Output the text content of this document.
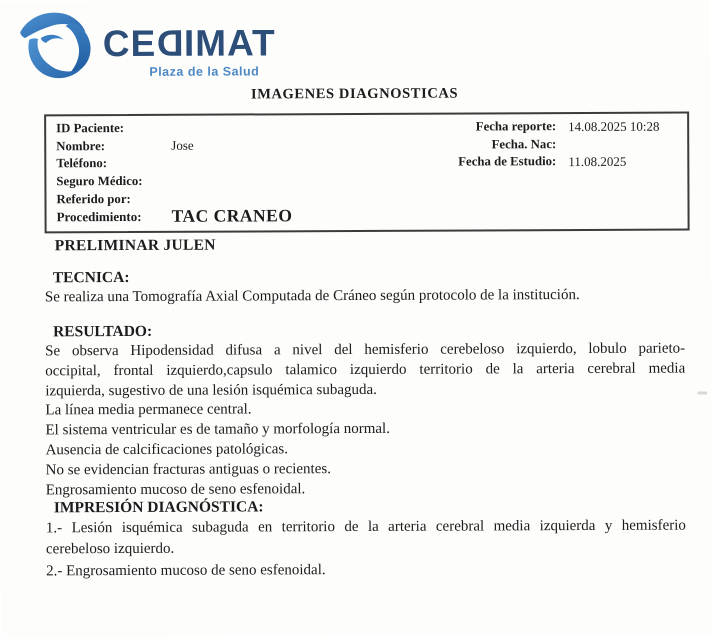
CEDIMAT
Plaza de la Salud
IMAGENES DIAGNOSTICAS
ID Paciente:
Nombre:	Jose
Teléfono:
Seguro Médico:
Referido por:
Procedimiento:	TAC CRANEO
Fecha reporte: 14.08.2025 10:28
Fecha. Nac:
Fecha de Estudio: 11.08.2025
PRELIMINAR JULEN
TECNICA:
Se realiza una Tomografía Axial Computada de Cráneo según protocolo de la institución.
RESULTADO:
Se observa Hipodensidad difusa a nivel del hemisferio cerebeloso izquierdo, lobulo parieto-
occipital, frontal izquierdo,capsulo talamico izquierdo territorio de la arteria cerebral media
izquierda, sugestivo de una lesión isquémica subaguda.
La línea media permanece central.
El sistema ventricular es de tamaño y morfología normal.
Ausencia de calcificaciones patológicas.
No se evidencian fracturas antiguas o recientes.
Engrosamiento mucoso de seno esfenoidal.
IMPRESIÓN DIAGNÓSTICA:
1.- Lesión isquémica subaguda en territorio de la arteria cerebral media izquierda y hemisferio
cerebeloso izquierdo.
2.- Engrosamiento mucoso de seno esfenoidal.
